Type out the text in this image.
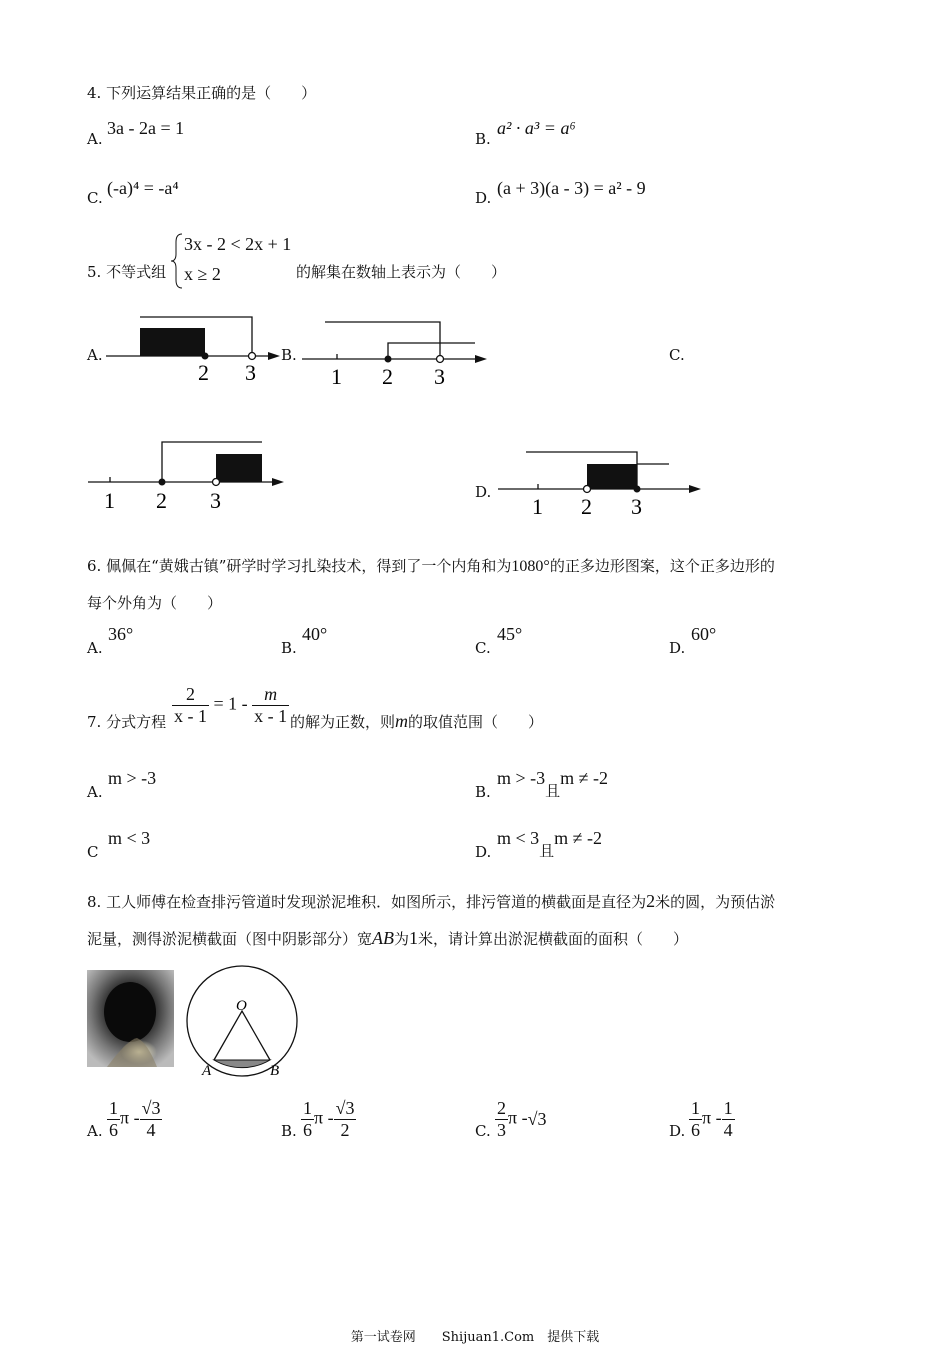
4. 下列运算结果正确的是（　　）
A.
3a - 2a = 1
B.
a² · a³ = a⁶
C. (-a)⁴ = -a⁴	D. (a + 3)(a - 3) = a² - 9
5. 不等式组
3x - 2 < 2x + 1
x ≥ 2	的解集在数轴上表示为（　　）
A.
2 3
B.
1 2 3
C.
1 2 3	D.
1 2 3
6. 佩佩在“黄娥古镇”研学时学习扎染技术，得到了一个内角和为1080°的正多边形图案，这个正多边形的
每个外角为（　　）
A.
36°
B.
40°
C.
45°
D.
60°
7. 分式方程 $\frac{2}{x - 1} = 1 - \frac{m}{x - 1}$ 的解为正数，则m的取值范围（　　）
A.
m > -3
B.
$m > -3_且m \ne -2$
C
m < 3
D.
$m < 3_且m \ne -2$
8. 工人师傅在检查排污管道时发现淤泥堆积．如图所示，排污管道的横截面是直径为2米的圆，为预估淤
泥量，测得淤泥横截面（图中阴影部分）宽AB为1米，请计算出淤泥横截面的面积（　　）
O
A	B
A. $\frac{1}{6}$ π - $\frac{√3}{4}$	B. $\frac{1}{6}$ π - $\frac{√3}{2}$	C. $\frac{2}{3}$ π -√3
D. $\frac{1}{6}$ π - $\frac{1}{4}$
第一试卷网　　Shijuan1.Com　提供下载
